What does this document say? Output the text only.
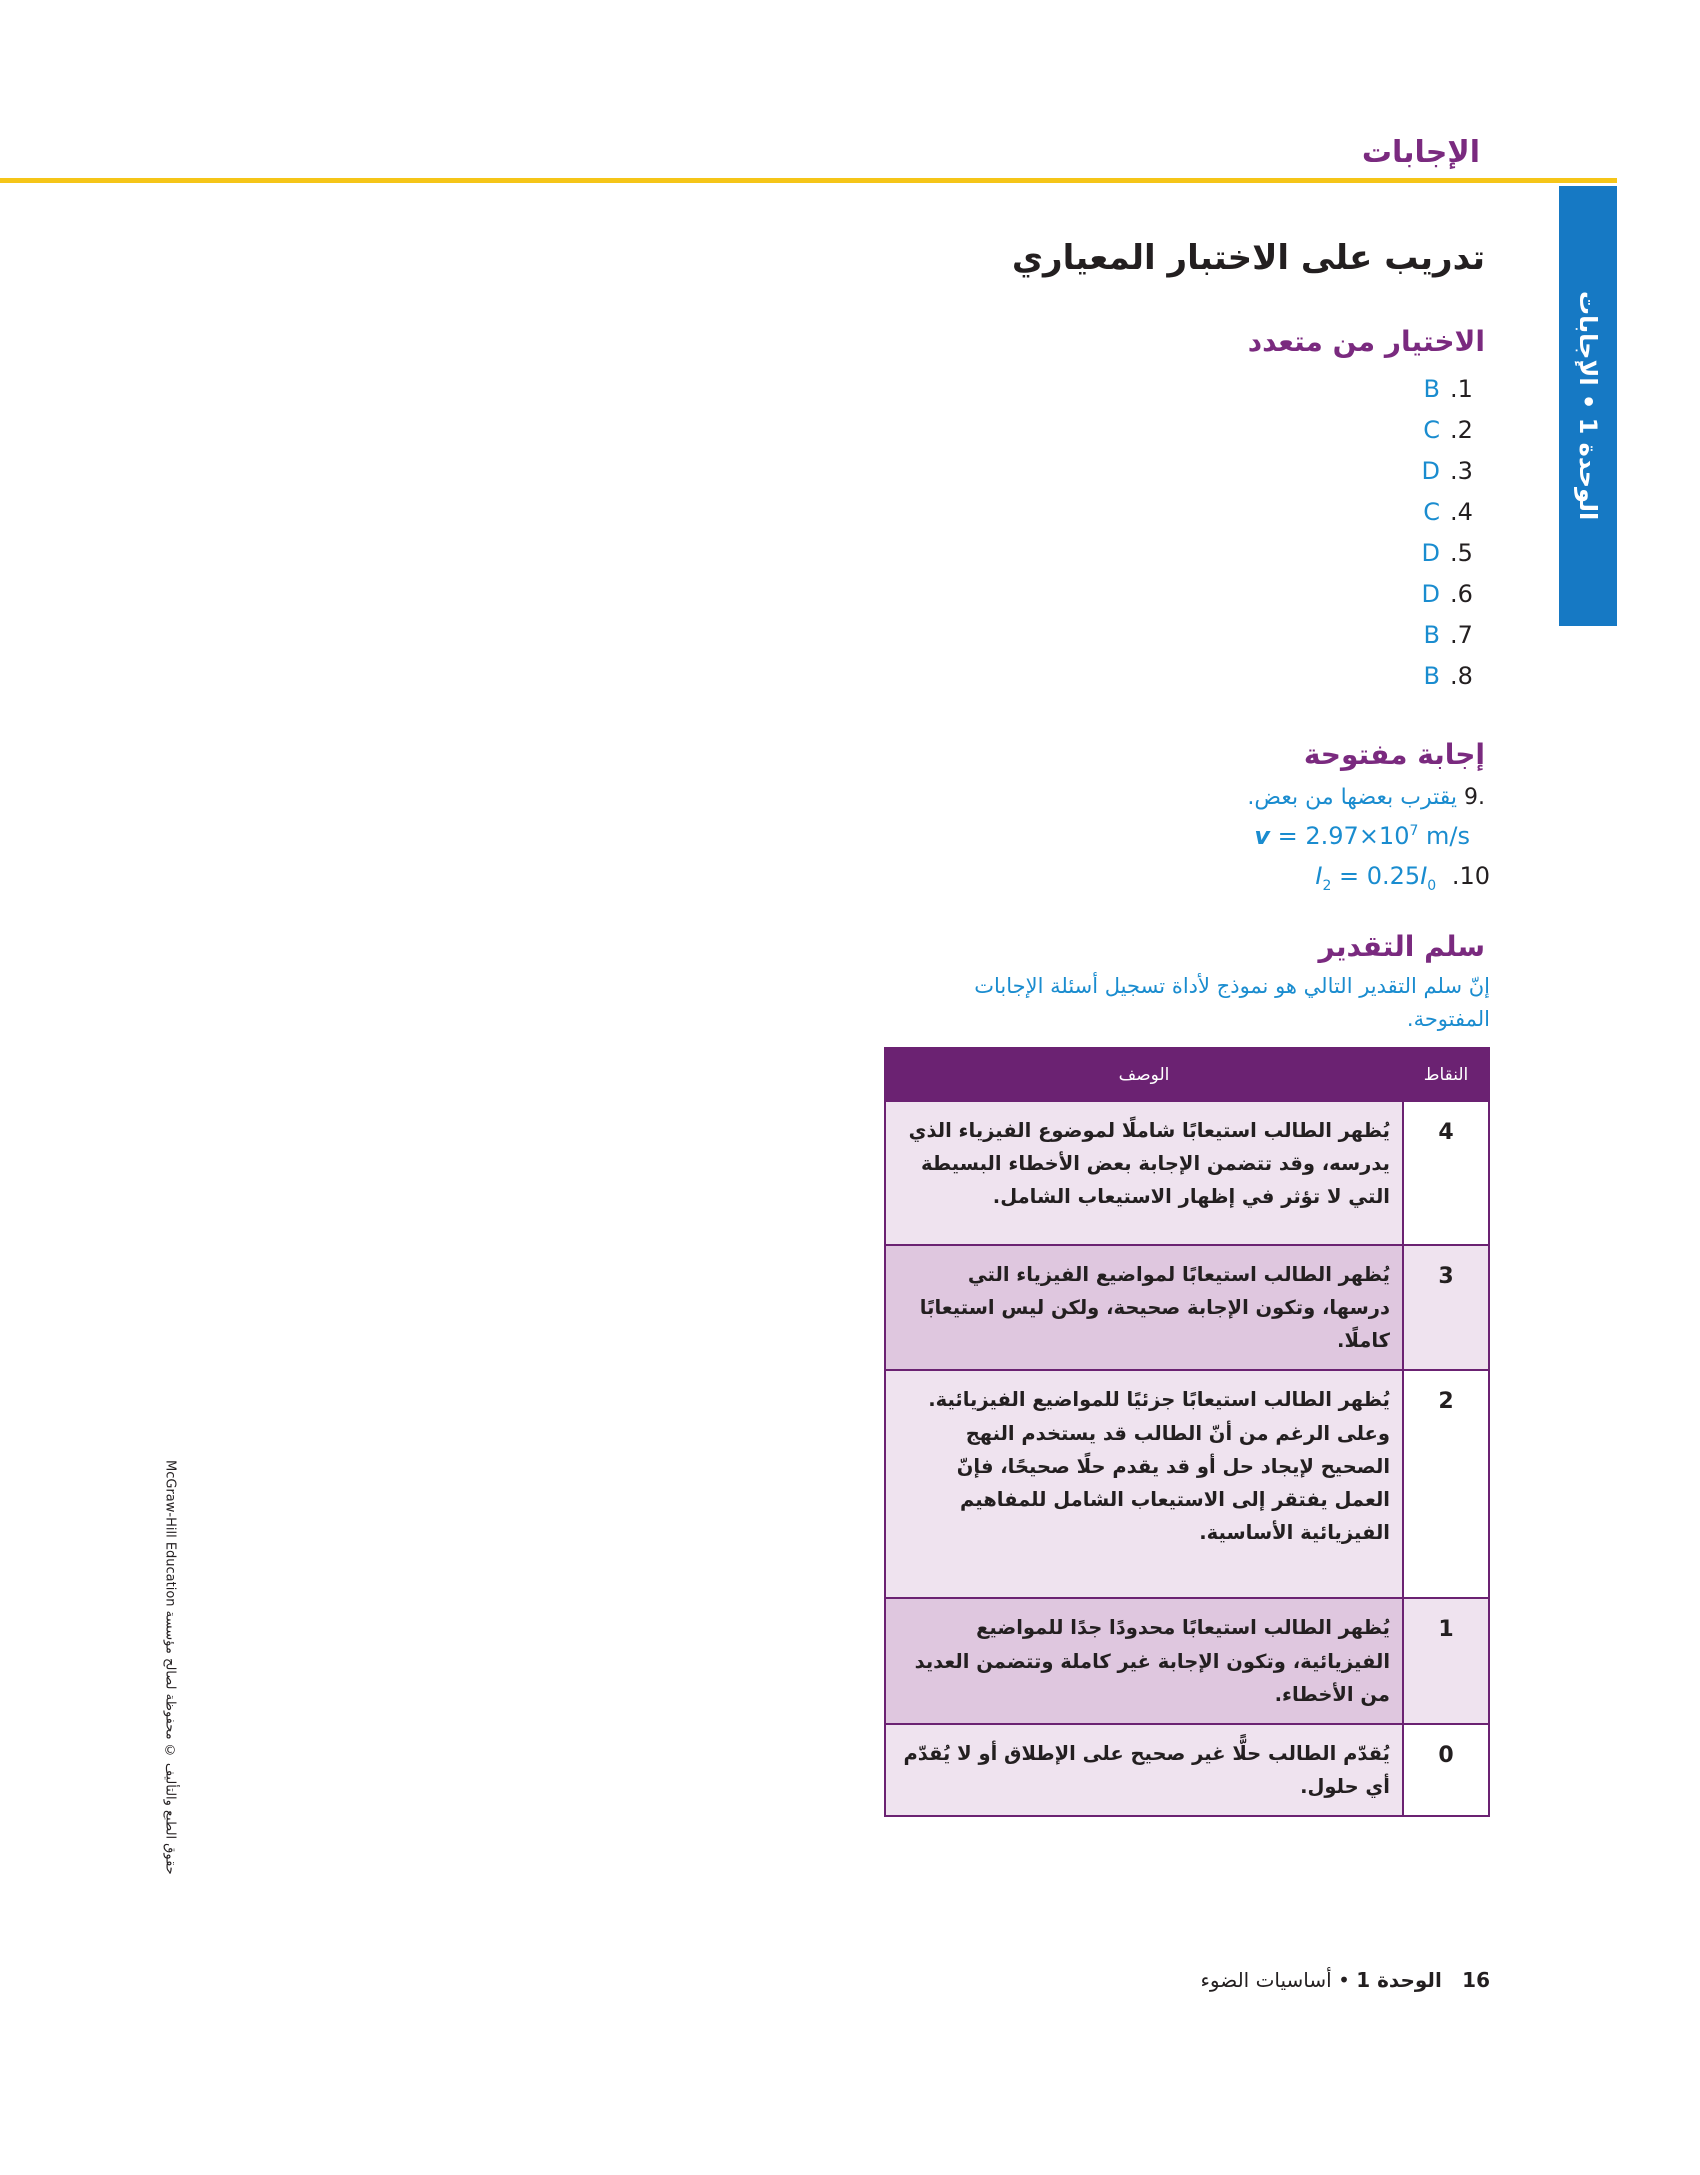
الإجابات
الوحدة 1 • الإجابات
تدريب على الاختبار المعياري
الاختيار من متعدد
B .1
C .2
D .3
C .4
D .5
D .6
B .7
B .8
إجابة مفتوحة
.9 يقترب بعضها من بعض.
$v = 2.97\times 10^7$ m/s
$I_2 = 0.25I_0$ .10
سلم التقدير
إنّ سلم التقدير التالي هو نموذج لأداة تسجيل أسئلة الإجابات المفتوحة.
النقاط	الوصف
4	يُظهر الطالب استيعابًا شاملًا لموضوع الفيزياء الذي يدرسه، وقد تتضمن الإجابة بعض الأخطاء البسيطة التي لا تؤثر في إظهار الاستيعاب الشامل.
3	يُظهر الطالب استيعابًا لمواضيع الفيزياء التي درسها، وتكون الإجابة صحيحة، ولكن ليس استيعابًا كاملًا.
2	يُظهر الطالب استيعابًا جزئيًا للمواضيع الفيزيائية. وعلى الرغم من أنّ الطالب قد يستخدم النهج الصحيح لإيجاد حل أو قد يقدم حلًا صحيحًا، فإنّ العمل يفتقر إلى الاستيعاب الشامل للمفاهيم الفيزيائية الأساسية.
1	يُظهر الطالب استيعابًا محدودًا جدًا للمواضيع الفيزيائية، وتكون الإجابة غير كاملة وتتضمن العديد من الأخطاء.
0	يُقدّم الطالب حلًّا غير صحيح على الإطلاق أو لا يُقدّم أي حلول.
McGraw-Hill Education حقوق الطبع والتأليف © محفوظة لصالح مؤسسة
16 الوحدة 1 • أساسيات الضوء
